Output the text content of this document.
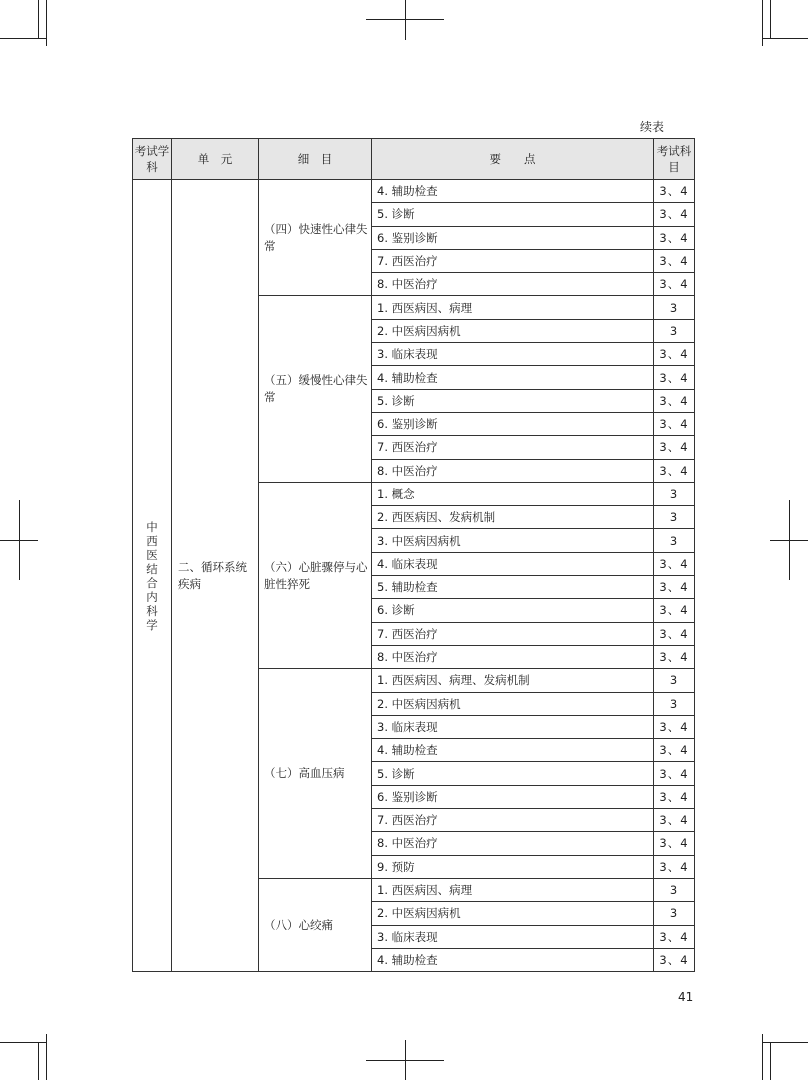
续表
考试学科	单　元	细　目	要　　点	考试科目
中西医结合内科学	二、循环系统疾病	（四）快速性心律失常	4. 辅助检查	3、4
			5. 诊断	3、4
			6. 鉴别诊断	3、4
			7. 西医治疗	3、4
			8. 中医治疗	3、4
		（五）缓慢性心律失常	1. 西医病因、病理	3
			2. 中医病因病机	3
			3. 临床表现	3、4
			4. 辅助检查	3、4
			5. 诊断	3、4
			6. 鉴别诊断	3、4
			7. 西医治疗	3、4
			8. 中医治疗	3、4
		（六）心脏骤停与心脏性猝死	1. 概念	3
			2. 西医病因、发病机制	3
			3. 中医病因病机	3
			4. 临床表现	3、4
			5. 辅助检查	3、4
			6. 诊断	3、4
			7. 西医治疗	3、4
			8. 中医治疗	3、4
		（七）高血压病	1. 西医病因、病理、发病机制	3
			2. 中医病因病机	3
			3. 临床表现	3、4
			4. 辅助检查	3、4
			5. 诊断	3、4
			6. 鉴别诊断	3、4
			7. 西医治疗	3、4
			8. 中医治疗	3、4
			9. 预防	3、4
		（八）心绞痛	1. 西医病因、病理	3
			2. 中医病因病机	3
			3. 临床表现	3、4
			4. 辅助检查	3、4
41
